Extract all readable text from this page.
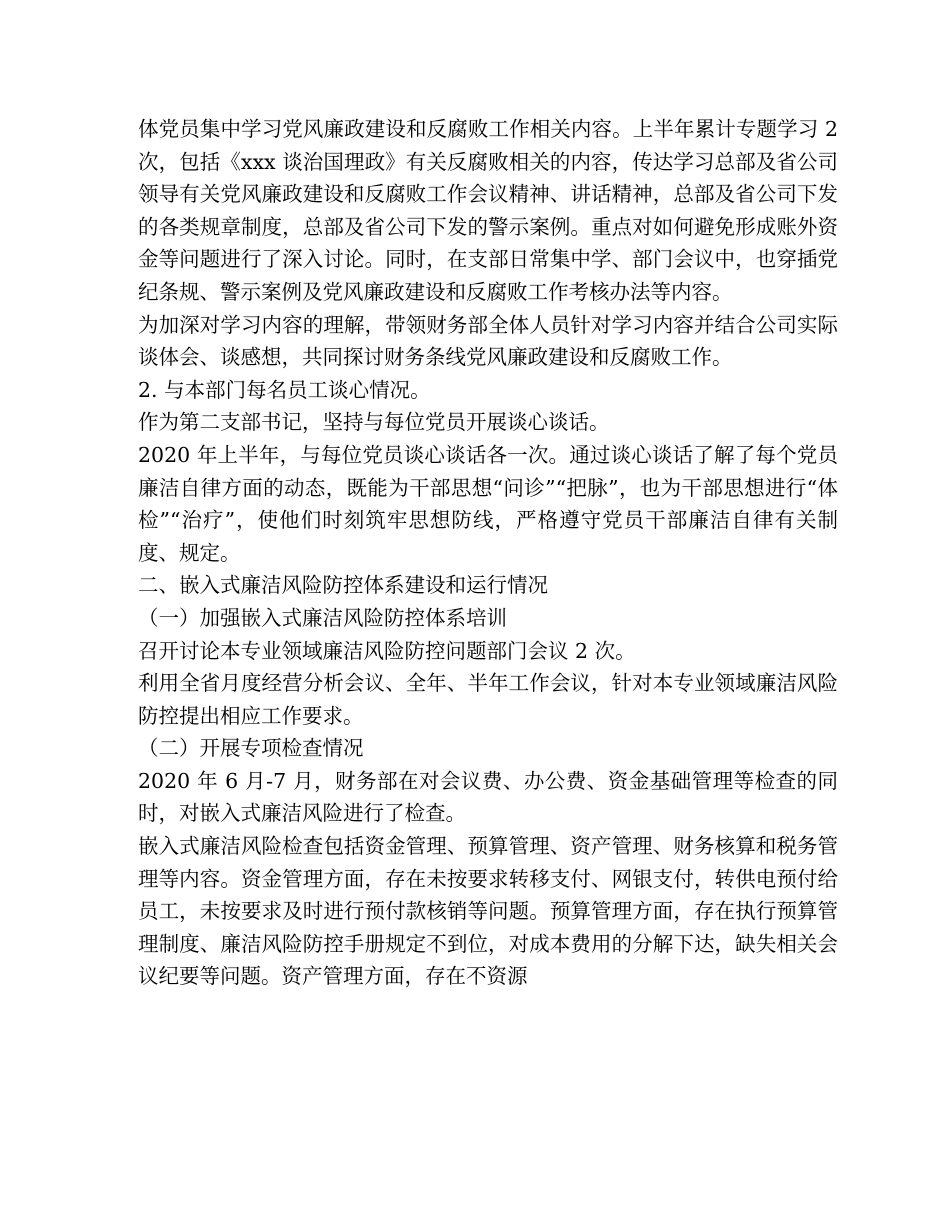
体党员集中学习党风廉政建设和反腐败工作相关内容。上半年累计专题学习 2 次，包括《xxx 谈治国理政》有关反腐败相关的内容，传达学习总部及省公司领导有关党风廉政建设和反腐败工作会议精神、讲话精神，总部及省公司下发的各类规章制度，总部及省公司下发的警示案例。重点对如何避免形成账外资金等问题进行了深入讨论。同时，在支部日常集中学、部门会议中，也穿插党纪条规、警示案例及党风廉政建设和反腐败工作考核办法等内容。

为加深对学习内容的理解，带领财务部全体人员针对学习内容并结合公司实际谈体会、谈感想，共同探讨财务条线党风廉政建设和反腐败工作。

2. 与本部门每名员工谈心情况。

作为第二支部书记，坚持与每位党员开展谈心谈话。

2020 年上半年，与每位党员谈心谈话各一次。通过谈心谈话了解了每个党员廉洁自律方面的动态，既能为干部思想“问诊”“把脉”，也为干部思想进行“体检”“治疗”，使他们时刻筑牢思想防线，严格遵守党员干部廉洁自律有关制度、规定。

二、嵌入式廉洁风险防控体系建设和运行情况

（一）加强嵌入式廉洁风险防控体系培训

召开讨论本专业领域廉洁风险防控问题部门会议 2 次。

利用全省月度经营分析会议、全年、半年工作会议，针对本专业领域廉洁风险防控提出相应工作要求。

（二）开展专项检查情况

2020 年 6 月-7 月，财务部在对会议费、办公费、资金基础管理等检查的同时，对嵌入式廉洁风险进行了检查。

嵌入式廉洁风险检查包括资金管理、预算管理、资产管理、财务核算和税务管理等内容。资金管理方面，存在未按要求转移支付、网银支付，转供电预付给员工，未按要求及时进行预付款核销等问题。预算管理方面，存在执行预算管理制度、廉洁风险防控手册规定不到位，对成本费用的分解下达，缺失相关会议纪要等问题。资产管理方面，存在不资源
